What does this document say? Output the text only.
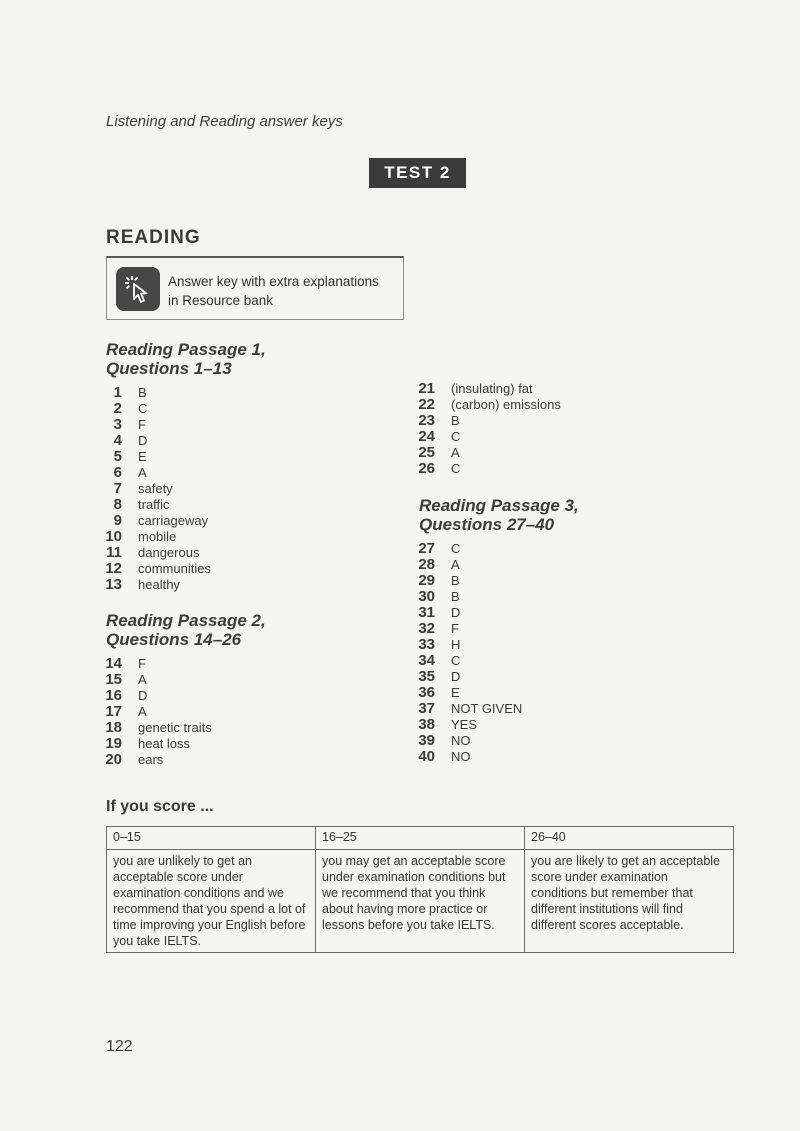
Listening and Reading answer keys
TEST 2
READING
Answer key with extra explanations
in Resource bank
Reading Passage 1,
Questions 1–13
1 B
2 C
3 F
4 D
5 E
6 A
7 safety
8 traffic
9 carriageway
10 mobile
11 dangerous
12 communities
13 healthy
Reading Passage 2,
Questions 14–26
14 F
15 A
16 D
17 A
18 genetic traits
19 heat loss
20 ears
21 (insulating) fat
22 (carbon) emissions
23 B
24 C
25 A
26 C
Reading Passage 3,
Questions 27–40
27 C
28 A
29 B
30 B
31 D
32 F
33 H
34 C
35 D
36 E
37 NOT GIVEN
38 YES
39 NO
40 NO
If you score ...
0–15	16–25	26–40
you are unlikely to get an acceptable score under examination conditions and we recommend that you spend a lot of time improving your English before you take IELTS.	you may get an acceptable score under examination conditions but we recommend that you think about having more practice or lessons before you take IELTS.	you are likely to get an acceptable score under examination conditions but remember that different institutions will find different scores acceptable.
122
